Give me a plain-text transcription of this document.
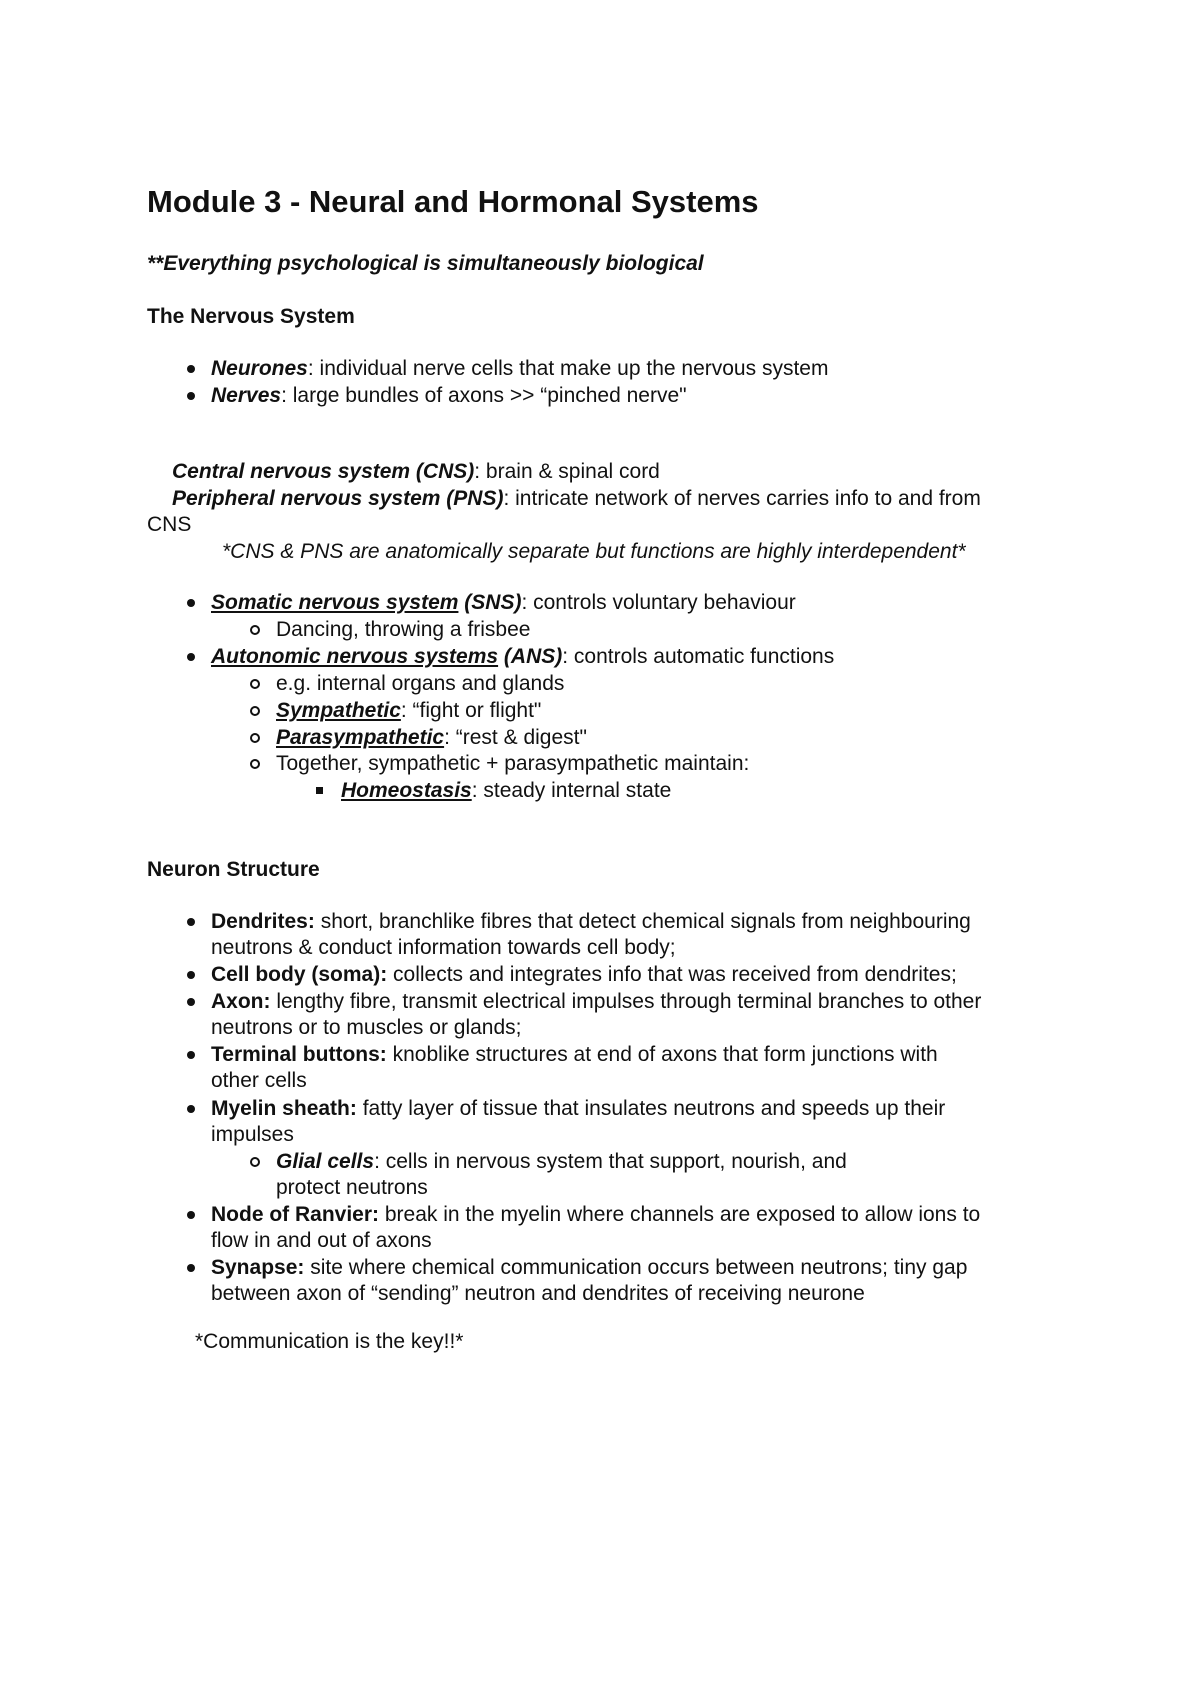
Module 3 - Neural and Hormonal Systems
**Everything psychological is simultaneously biological
The Nervous System
Neurones: individual nerve cells that make up the nervous system
Nerves: large bundles of axons >> “pinched nerve"
Central nervous system (CNS): brain & spinal cord
Peripheral nervous system (PNS): intricate network of nerves carries info to and from
CNS
*CNS & PNS are anatomically separate but functions are highly interdependent*
Somatic nervous system (SNS): controls voluntary behaviour
Dancing, throwing a frisbee
Autonomic nervous systems (ANS): controls automatic functions
e.g. internal organs and glands
Sympathetic: “fight or flight"
Parasympathetic: “rest & digest"
Together, sympathetic + parasympathetic maintain:
Homeostasis: steady internal state
Neuron Structure
Dendrites: short, branchlike fibres that detect chemical signals from neighbouring
neutrons & conduct information towards cell body;
Cell body (soma): collects and integrates info that was received from dendrites;
Axon: lengthy fibre, transmit electrical impulses through terminal branches to other
neutrons or to muscles or glands;
Terminal buttons: knoblike structures at end of axons that form junctions with
other cells
Myelin sheath: fatty layer of tissue that insulates neutrons and speeds up their
impulses
Glial cells: cells in nervous system that support, nourish, and
protect neutrons
Node of Ranvier: break in the myelin where channels are exposed to allow ions to
flow in and out of axons
Synapse: site where chemical communication occurs between neutrons; tiny gap
between axon of “sending” neutron and dendrites of receiving neurone
*Communication is the key!!*
